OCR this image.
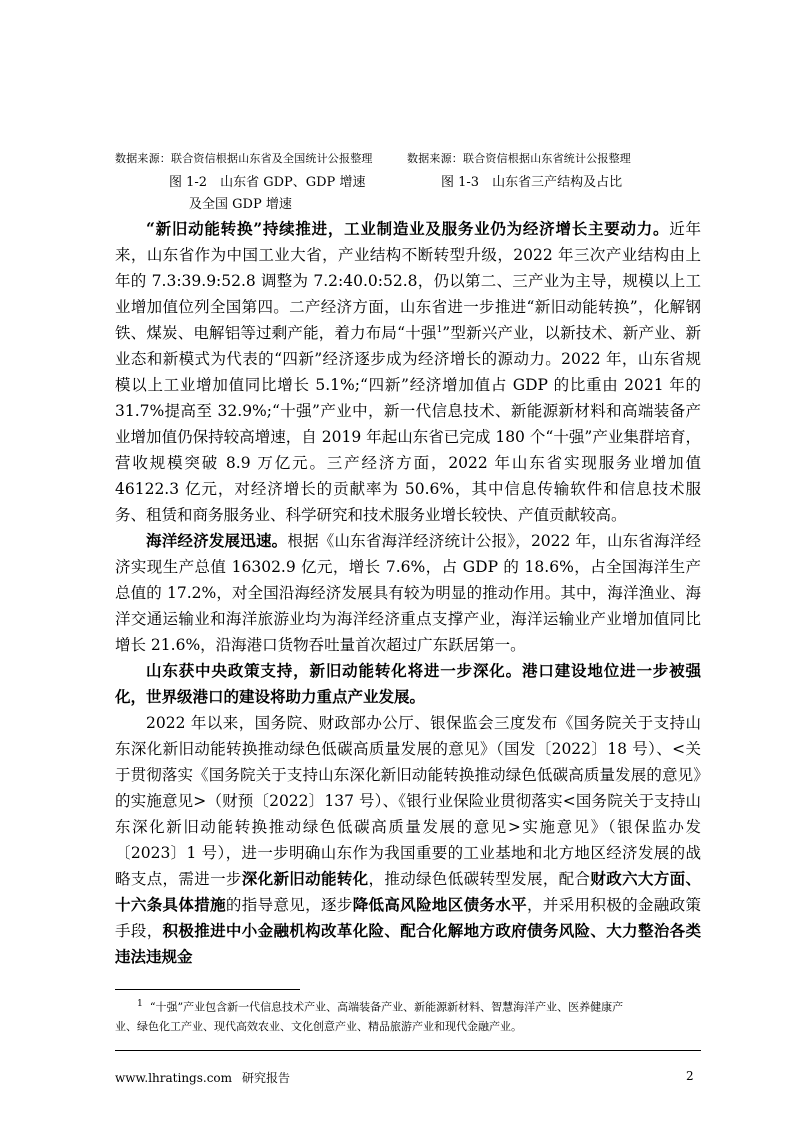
数据来源：联合资信根据山东省及全国统计公报整理	数据来源：联合资信根据山东省统计公报整理
图 1-2　山东省 GDP、GDP 增速
及全国 GDP 增速
图 1-3　山东省三产结构及占比

“新旧动能转换”持续推进，工业制造业及服务业仍为经济增长主要动力。近年来，山东省作为中国工业大省，产业结构不断转型升级，2022 年三次产业结构由上年的 7.3:39.9:52.8 调整为 7.2:40.0:52.8，仍以第二、三产业为主导，规模以上工业增加值位列全国第四。二产经济方面，山东省进一步推进“新旧动能转换”，化解钢铁、煤炭、电解铝等过剩产能，着力布局“十强$^1$”型新兴产业，以新技术、新产业、新业态和新模式为代表的“四新”经济逐步成为经济增长的源动力。2022 年，山东省规模以上工业增加值同比增长 5.1%;“四新”经济增加值占 GDP 的比重由 2021 年的 31.7%提高至 32.9%;“十强”产业中，新一代信息技术、新能源新材料和高端装备产业增加值仍保持较高增速，自 2019 年起山东省已完成 180 个“十强”产业集群培育，营收规模突破 8.9 万亿元。三产经济方面，2022 年山东省实现服务业增加值 46122.3 亿元，对经济增长的贡献率为 50.6%，其中信息传输软件和信息技术服务、租赁和商务服务业、科学研究和技术服务业增长较快、产值贡献较高。

海洋经济发展迅速。根据《山东省海洋经济统计公报》，2022 年，山东省海洋经济实现生产总值 16302.9 亿元，增长 7.6%，占 GDP 的 18.6%，占全国海洋生产总值的 17.2%，对全国沿海经济发展具有较为明显的推动作用。其中，海洋渔业、海洋交通运输业和海洋旅游业均为海洋经济重点支撑产业，海洋运输业产业增加值同比增长 21.6%，沿海港口货物吞吐量首次超过广东跃居第一。

山东获中央政策支持，新旧动能转化将进一步深化。港口建设地位进一步被强化，世界级港口的建设将助力重点产业发展。

2022 年以来，国务院、财政部办公厅、银保监会三度发布《国务院关于支持山东深化新旧动能转换推动绿色低碳高质量发展的意见》（国发〔2022〕18 号）、<关于贯彻落实《国务院关于支持山东深化新旧动能转换推动绿色低碳高质量发展的意见》的实施意见>（财预〔2022〕137 号）、《银行业保险业贯彻落实<国务院关于支持山东深化新旧动能转换推动绿色低碳高质量发展的意见>实施意见》（银保监办发〔2023〕1 号），进一步明确山东作为我国重要的工业基地和北方地区经济发展的战略支点，需进一步深化新旧动能转化，推动绿色低碳转型发展，配合财政六大方面、十六条具体措施的指导意见，逐步降低高风险地区债务水平，并采用积极的金融政策手段，积极推进中小金融机构改革化险、配合化解地方政府债务风险、大力整治各类违法违规金

$^1$ “十强”产业包含新一代信息技术产业、高端装备产业、新能源新材料、智慧海洋产业、医养健康产
业、绿色化工产业、现代高效农业、文化创意产业、精品旅游产业和现代金融产业。
www.lhratings.com 研究报告	2
